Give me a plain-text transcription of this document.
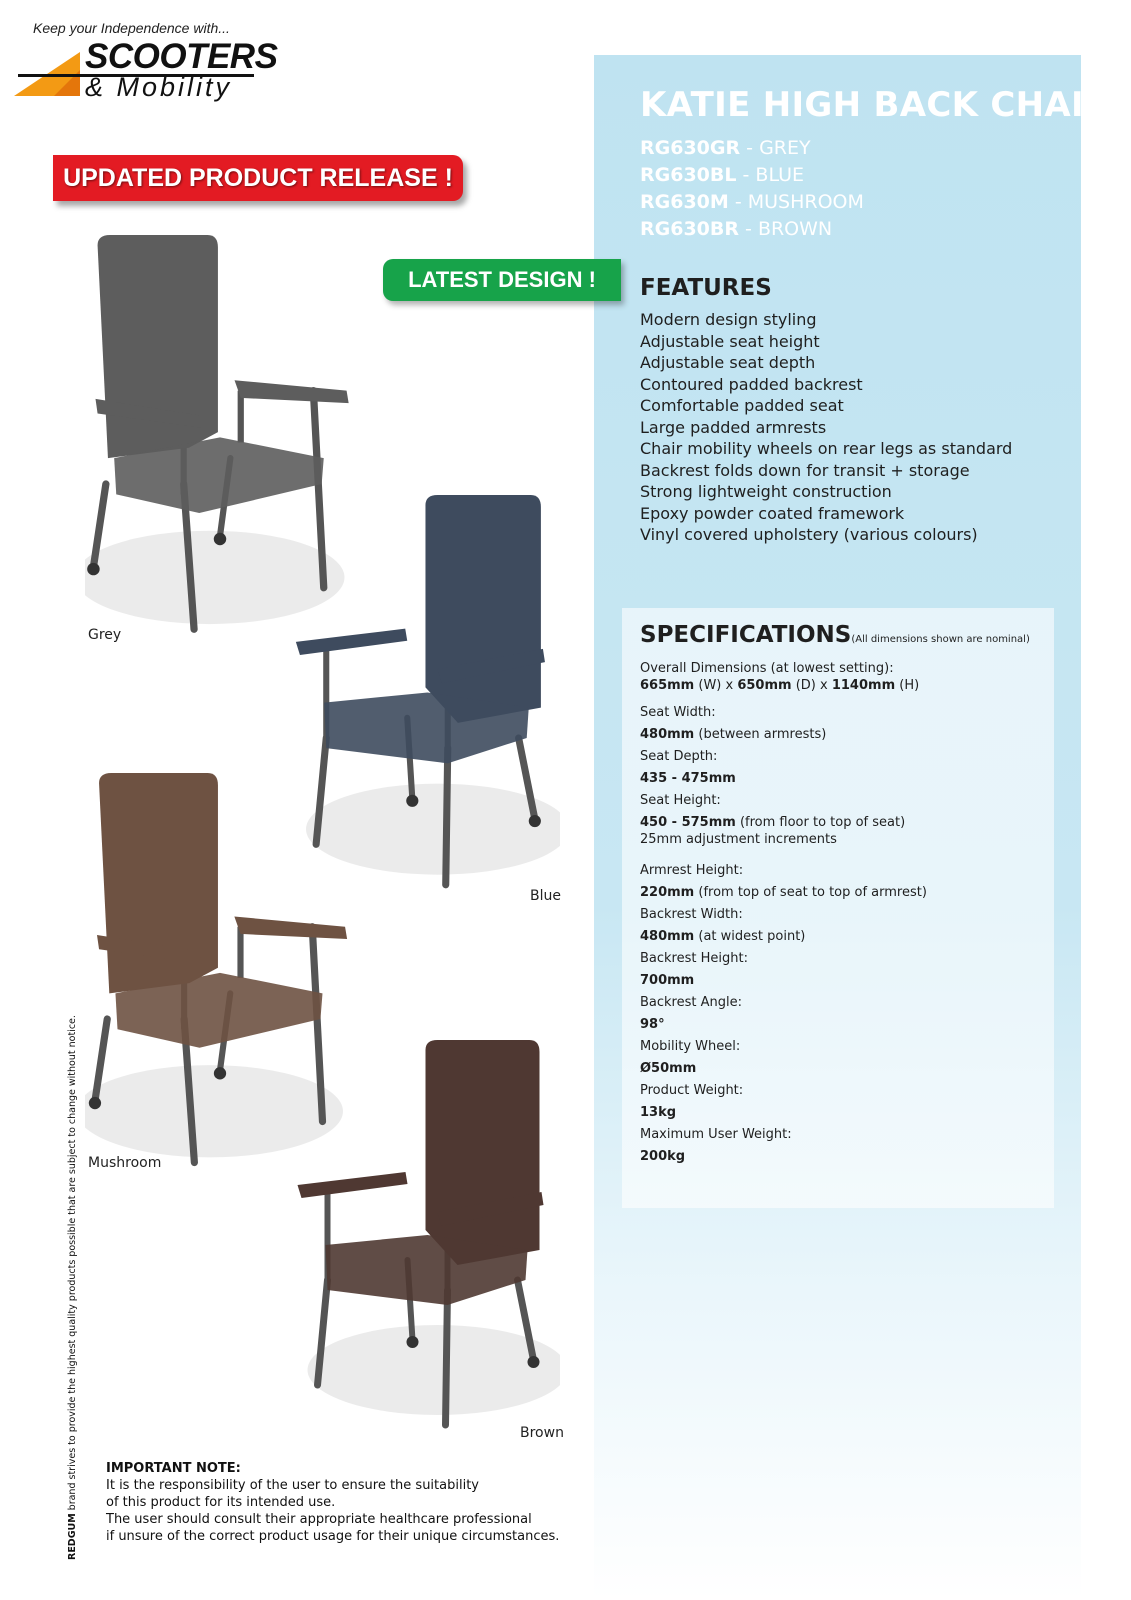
Keep your Independence with...
SCOOTERS
& Mobility
UPDATED PRODUCT RELEASE !
LATEST DESIGN !
KATIE HIGH BACK CHAIR
RG630GR - GREY
RG630BL - BLUE
RG630M - MUSHROOM
RG630BR - BROWN
FEATURES
Modern design styling
Adjustable seat height
Adjustable seat depth
Contoured padded backrest
Comfortable padded seat
Large padded armrests
Chair mobility wheels on rear legs as standard
Backrest folds down for transit + storage
Strong lightweight construction
Epoxy powder coated framework
Vinyl covered upholstery (various colours)
SPECIFICATIONS(All dimensions shown are nominal)
Overall Dimensions (at lowest setting):
665mm (W) x 650mm (D) x 1140mm (H)
Seat Width:
480mm (between armrests)
Seat Depth:
435 - 475mm
Seat Height:
450 - 575mm (from floor to top of seat)
25mm adjustment increments
Armrest Height:
220mm (from top of seat to top of armrest)
Backrest Width:
480mm (at widest point)
Backrest Height:
700mm
Backrest Angle:
98°
Mobility Wheel:
Ø50mm
Product Weight:
13kg
Maximum User Weight:
200kg
Grey
Blue
Mushroom
Brown
IMPORTANT NOTE:
It is the responsibility of the user to ensure the suitability
of this product for its intended use.
The user should consult their appropriate healthcare professional
if unsure of the correct product usage for their unique circumstances.
REDGUM brand strives to provide the highest quality products possible that are subject to change without notice.
